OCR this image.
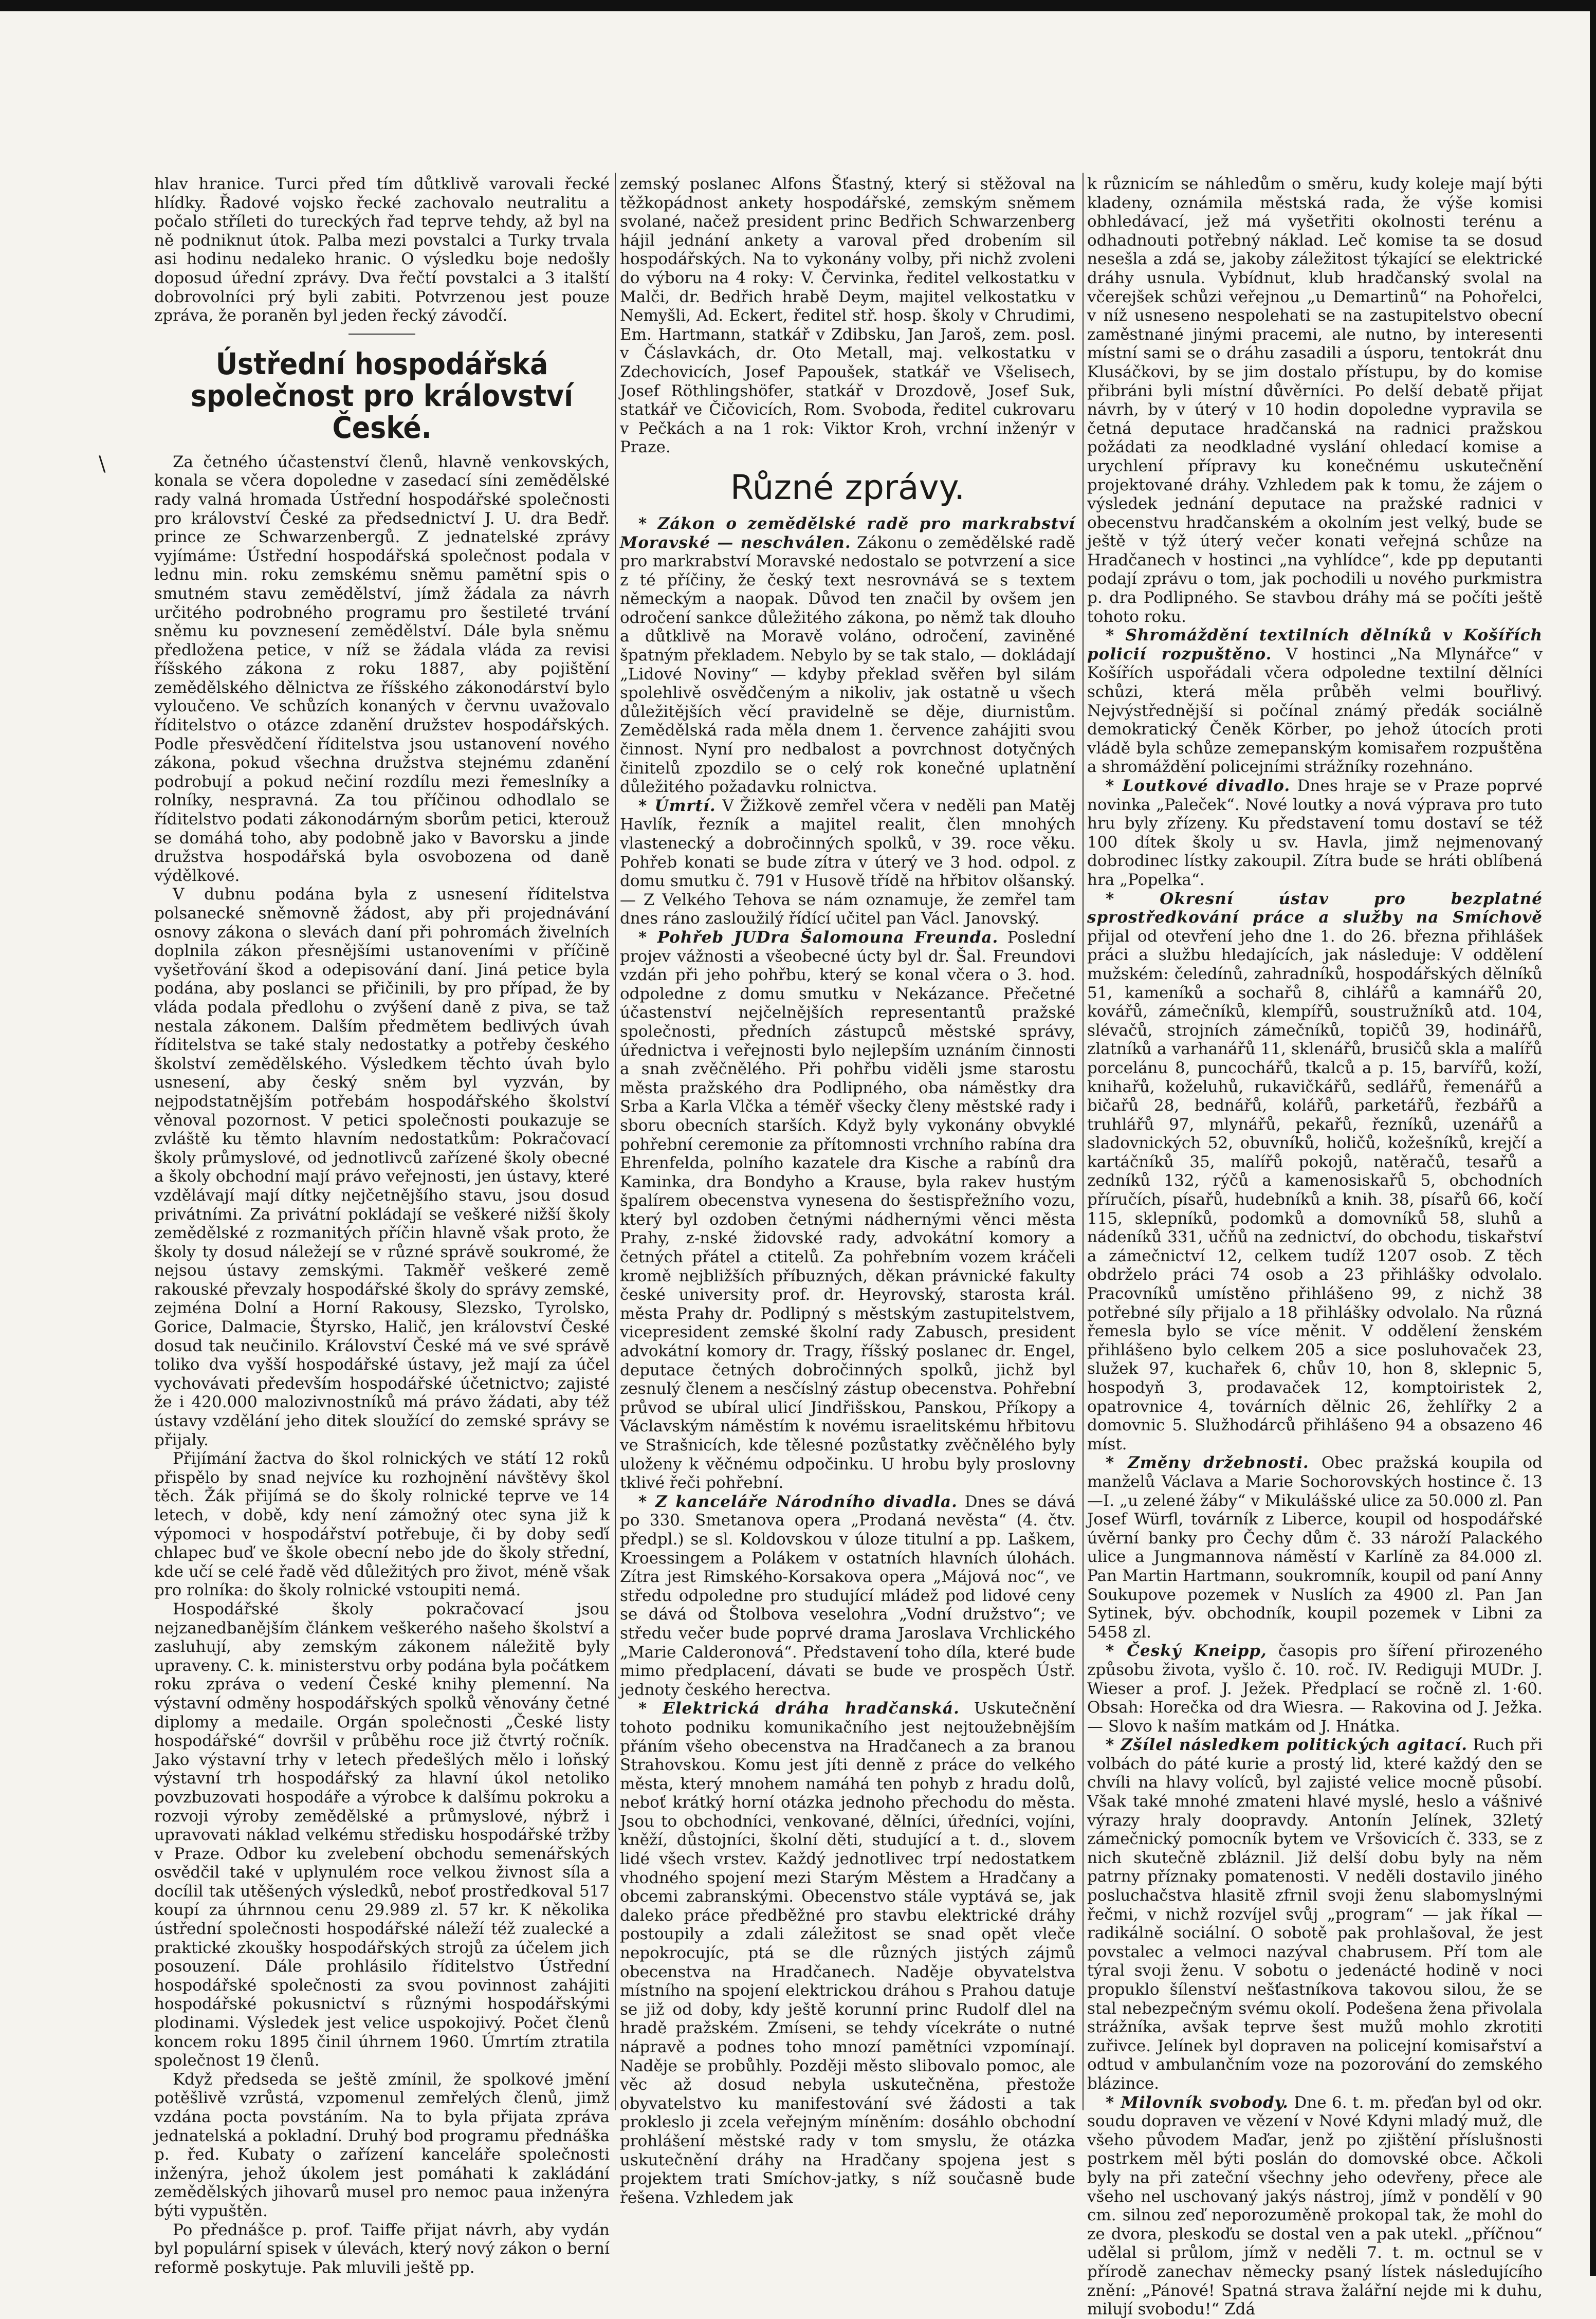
\

hlav hranice. Turci před tím důtklivě varovali řecké hlídky. Řadové vojsko řecké zachovalo neutralitu a počalo stříleti do tureckých řad teprve tehdy, až byl na ně podniknut útok. Palba mezi povstalci a Turky trvala asi hodinu nedaleko hranic. O výsledku boje nedošly doposud úřední zprávy. Dva řečtí povstalci a 3 italští dobrovolníci prý byli zabiti. Potvrzenou jest pouze zpráva, že poraněn byl jeden řecký závodčí.

Ústřední hospodářská společnost pro království České.

Za četného účastenství členů, hlavně venkovských, konala se včera dopoledne v zasedací síni zemědělské rady valná hromada Ústřední hospodářské společnosti pro království České za předsednictví J. U. dra Bedř. prince ze Schwarzenbergů. Z jednatelské zprávy vyjímáme: Ústřední hospodářská společnost podala v lednu min. roku zemskému sněmu pamětní spis o smutném stavu zemědělství, jímž žádala za návrh určitého podrobného programu pro šestileté trvání sněmu ku povznesení zemědělství. Dále byla sněmu předložena petice, v níž se žádala vláda za revisi říšského zákona z roku 1887, aby pojištění zemědělského dělnictva ze říšského zákonodárství bylo vyloučeno. Ve schůzích konaných v červnu uvažovalo říditelstvo o otázce zdanění družstev hospodářských. Podle přesvědčení říditelstva jsou ustanovení nového zákona, pokud všechna družstva stejnému zdanění podrobují a pokud nečiní rozdílu mezi řemeslníky a rolníky, nespravná. Za tou příčinou odhodlalo se říditelstvo podati zákonodárným sborům petici, kterouž se domáhá toho, aby podobně jako v Bavorsku a jinde družstva hospodářská byla osvobozena od daně výdělkové.

V dubnu podána byla z usnesení říditelstva polsanecké sněmovně žádost, aby při projednávání osnovy zákona o slevách daní při pohromách živelních doplnila zákon přesnějšími ustanoveními v příčině vyšetřování škod a odepisování daní. Jiná petice byla podána, aby poslanci se přičinili, by pro případ, že by vláda podala předlohu o zvýšení daně z piva, se taž nestala zákonem. Dalším předmětem bedlivých úvah říditelstva se také staly nedostatky a potřeby českého školství zemědělského. Výsledkem těchto úvah bylo usnesení, aby český sněm byl vyzván, by nejpodstatnějším potřebám hospodářského školství věnoval pozornost. V petici společnosti poukazuje se zvláště ku těmto hlavním nedostatkům: Pokračovací školy průmyslové, od jednotlivců zařízené školy obecné a školy obchodní mají právo veřejnosti, jen ústavy, které vzdělávají mají dítky nejčetnějšího stavu, jsou dosud privátními. Za privátní pokládají se veškeré nižší školy zemědělské z rozmanitých příčin hlavně však proto, že školy ty dosud náležejí se v různé správě soukromé, že nejsou ústavy zemskými. Takměř veškeré země rakouské převzaly hospodářské školy do správy zemské, zejména Dolní a Horní Rakousy, Slezsko, Tyrolsko, Gorice, Dalmacie, Štyrsko, Halič, jen království České dosud tak neučinilo. Království České má ve své správě toliko dva vyšší hospodářské ústavy, jež mají za účel vychovávati především hospodářské účetnictvo; zajisté že i 420.000 malozivnostníků má právo žádati, aby též ústavy vzdělání jeho ditek sloužící do zemské správy se přijaly.

Přijímání žactva do škol rolnických ve státí 12 roků přispělo by snad nejvíce ku rozhojnění návštěvy škol těch. Žák přijímá se do školy rolnické teprve ve 14 letech, v době, kdy není zámožný otec syna již k výpomoci v hospodářství potřebuje, či by doby seďí chlapec buď ve škole obecní nebo jde do školy střední, kde učí se celé řadě věd důležitých pro život, méně však pro rolníka: do školy rolnické vstoupiti nemá.

Hospodářské školy pokračovací jsou nejzanedbanějším článkem veškerého našeho školství a zasluhují, aby zemským zákonem náležitě byly upraveny. C. k. ministerstvu orby podána byla počátkem roku zpráva o vedení České knihy plemenní. Na výstavní odměny hospodářských spolků věnovány četné diplomy a medaile. Orgán společnosti „České listy hospodářské“ dovršil v průběhu roce již čtvrtý ročník. Jako výstavní trhy v letech předešlých mělo i loňský výstavní trh hospodářský za hlavní úkol netoliko povzbuzovati hospodáře a výrobce k dalšímu pokroku a rozvoji výroby zemědělské a průmyslové, nýbrž i upravovati náklad velkému středisku hospodářské tržby v Praze. Odbor ku zvelebení obchodu semenářských osvědčil také v uplynulém roce velkou živnost síla a docílil tak utěšených výsledků, neboť prostředkoval 517 koupí za úhrnnou cenu 29.989 zl. 57 kr. K několika ústřední společnosti hospodářské náleží též zualecké a praktické zkoušky hospodářských strojů za účelem jich posouzení. Dále prohlásilo říditelstvo Ústřední hospodářské společnosti za svou povinnost zahájiti hospodářské pokusnictví s různými hospodářskými plodinami. Výsledek jest velice uspokojivý. Počet členů koncem roku 1895 činil úhrnem 1960. Úmrtím ztratila společnost 19 členů.

Když předseda se ještě zmínil, že spolkové jmění potěšlivě vzrůstá, vzpomenul zemřelých členů, jimž vzdána pocta povstáním. Na to byla přijata zpráva jednatelská a pokladní. Druhý bod programu přednáška p. řed. Kubaty o zařízení kanceláře společnosti inženýra, jehož úkolem jest pomáhati k zakládání zemědělských jihovarů musel pro nemoc paua inženýra býti vypuštěn.

Po přednášce p. prof. Taiffe přijat návrh, aby vydán byl populární spisek v úlevách, který nový zákon o berní reformě poskytuje. Pak mluvili ještě pp.

zemský poslanec Alfons Šťastný, který si stěžoval na těžkopádnost ankety hospodářské, zemským sněmem svolané, načež president princ Bedřich Schwarzenberg hájil jednání ankety a varoval před drobením sil hospodářských. Na to vykonány volby, při nichž zvoleni do výboru na 4 roky: V. Červinka, ředitel velkostatku v Malči, dr. Bedřich hrabě Deym, majitel velkostatku v Nemyšli, Ad. Eckert, ředitel stř. hosp. školy v Chrudimi, Em. Hartmann, statkář v Zdibsku, Jan Jaroš, zem. posl. v Čáslavkách, dr. Oto Metall, maj. velkostatku v Zdechovicích, Josef Papoušek, statkář ve Všelisech, Josef Röthlingshöfer, statkář v Drozdově, Josef Suk, statkář ve Čičovicích, Rom. Svoboda, ředitel cukrovaru v Pečkách a na 1 rok: Viktor Kroh, vrchní inženýr v Praze.

Různé zprávy.

* Zákon o zemědělské radě pro markrabství Moravské — neschválen. Zákonu o zemědělské radě pro markrabství Moravské nedostalo se potvrzení a sice z té příčiny, že český text nesrovnává se s textem německým a naopak. Důvod ten značil by ovšem jen odročení sankce důležitého zákona, po němž tak dlouho a důtklivě na Moravě voláno, odročení, zaviněné špatným překladem. Nebylo by se tak stalo, — dokládají „Lidové Noviny“ — kdyby překlad svěřen byl silám spolehlivě osvědčeným a nikoliv, jak ostatně u všech důležitějších věcí pravidelně se děje, diurnistům. Zemědělská rada měla dnem 1. července zahájiti svou činnost. Nyní pro nedbalost a povrchnost dotyčných činitelů zpozdilo se o celý rok konečné uplatnění důležitého požadavku rolnictva.

* Úmrtí. V Žižkově zemřel včera v neděli pan Matěj Havlík, řezník a majitel realit, člen mnohých vlastenecký a dobročinných spolků, v 39. roce věku. Pohřeb konati se bude zítra v úterý ve 3 hod. odpol. z domu smutku č. 791 v Husově třídě na hřbitov olšanský. — Z Velkého Tehova se nám oznamuje, že zemřel tam dnes ráno zasloužilý řídící učitel pan Václ. Janovský.

* Pohřeb JUDra Šalomouna Freunda. Poslední projev vážnosti a všeobecné úcty byl dr. Šal. Freundovi vzdán při jeho pohřbu, který se konal včera o 3. hod. odpoledne z domu smutku v Nekázance. Přečetné účastenství nejčelnějších representantů pražské společnosti, předních zástupců městské správy, úřednictva i veřejnosti bylo nejlepším uznáním činnosti a snah zvěčnělého. Při pohřbu viděli jsme starostu města pražského dra Podlipného, oba náměstky dra Srba a Karla Vlčka a téměř všecky členy městské rady i sboru obecních starších. Když byly vykonány obvyklé pohřební ceremonie za přítomnosti vrchního rabína dra Ehrenfelda, polního kazatele dra Kische a rabínů dra Kaminka, dra Bondyho a Krause, byla rakev hustým špalírem obecenstva vynesena do šestispřežního vozu, který byl ozdoben četnými nádhernými věnci města Prahy, z-nské židovské rady, advokátní komory a četných přátel a ctitelů. Za pohřebním vozem kráčeli kromě nejbližších příbuzných, děkan právnické fakulty české university prof. dr. Heyrovský, starosta král. města Prahy dr. Podlipný s městským zastupitelstvem, vicepresident zemské školní rady Zabusch, president advokátní komory dr. Tragy, říšský poslanec dr. Engel, deputace četných dobročinných spolků, jichž byl zesnulý členem a nesčíslný zástup obecenstva. Pohřební průvod se ubíral ulicí Jindřišskou, Panskou, Příkopy a Václavským náměstím k novému israelitskému hřbitovu ve Strašnicích, kde tělesné pozůstatky zvěčnělého byly uloženy k věčnému odpočinku. U hrobu byly proslovny tklivé řeči pohřební.

* Z kanceláře Národního divadla. Dnes se dává po 330. Smetanova opera „Prodaná nevěsta“ (4. čtv. předpl.) se sl. Koldovskou v úloze titulní a pp. Laškem, Kroessingem a Polákem v ostatních hlavních úlohách. Zítra jest Rimského-Korsakova opera „Májová noc“, ve středu odpoledne pro studující mládež pod lidové ceny se dává od Štolbova veselohra „Vodní družstvo“; ve středu večer bude poprvé drama Jaroslava Vrchlického „Marie Calderonová“. Představení toho díla, které bude mimo předplacení, dávati se bude ve prospěch Ústř. jednoty českého herectva.

* Elektrická dráha hradčanská. Uskutečnění tohoto podniku komunikačního jest nejtoužebnějším přáním všeho obecenstva na Hradčanech a za branou Strahovskou. Komu jest jíti denně z práce do velkého města, který mnohem namáhá ten pohyb z hradu dolů, neboť krátký horní otázka jednoho přechodu do města. Jsou to obchodníci, venkované, dělníci, úředníci, vojíni, kněží, důstojníci, školní děti, studující a t. d., slovem lidé všech vrstev. Každý jednotlivec trpí nedostatkem vhodného spojení mezi Starým Městem a Hradčany a obcemi zabranskými. Obecenstvo stále vyptává se, jak daleko práce předběžné pro stavbu elektrické dráhy postoupily a zdali záležitost se snad opět vleče nepokrocujíc, ptá se dle různých jistých zájmů obecenstva na Hradčanech. Naděje obyvatelstva místního na spojení elektrickou dráhou s Prahou datuje se již od doby, kdy ještě korunní princ Rudolf dlel na hradě pražském. Zmíseni, se tehdy vícekráte o nutné nápravě a podnes toho mnozí pamětníci vzpomínají. Naděje se probůhly. Později město slibovalo pomoc, ale věc až dosud nebyla uskutečněna, přestože obyvatelstvo ku manifestování své žádosti a tak prokleslo ji zcela veřejným míněním: dosáhlo obchodní prohlášení městské rady v tom smyslu, že otázka uskutečnění dráhy na Hradčany spojena jest s projektem trati Smíchov-jatky, s níž současně bude řešena. Vzhledem jak

k různicím se náhledům o směru, kudy koleje mají býti kladeny, oznámila městská rada, že výše komisi obhledávací, jež má vyšetřiti okolnosti terénu a odhadnouti potřebný náklad. Leč komise ta se dosud nesešla a zdá se, jakoby záležitost týkající se elektrické dráhy usnula. Vybídnut, klub hradčanský svolal na včerejšek schůzi veřejnou „u Demartinů“ na Pohořelci, v níž usneseno nespolehati se na zastupitelstvo obecní zaměstnané jinými pracemi, ale nutno, by interesenti místní sami se o dráhu zasadili a úsporu, tentokrát dnu Klusáčkovi, by se jim dostalo přístupu, by do komise přibráni byli místní důvěrníci. Po delší debatě přijat návrh, by v úterý v 10 hodin dopoledne vypravila se četná deputace hradčanská na radnici pražskou požádati za neodkladné vyslání ohledací komise a urychlení přípravy ku konečnému uskutečnění projektované dráhy. Vzhledem pak k tomu, že zájem o výsledek jednání deputace na pražské radnici v obecenstvu hradčanském a okolním jest velký, bude se ještě v týž úterý večer konati veřejná schůze na Hradčanech v hostinci „na vyhlídce“, kde pp deputanti podají zprávu o tom, jak pochodili u nového purkmistra p. dra Podlipného. Se stavbou dráhy má se počíti ještě tohoto roku.

* Shromáždění textilních dělníků v Košířích policií rozpuštěno. V hostinci „Na Mlynářce“ v Košířích uspořádali včera odpoledne textilní dělníci schůzi, která měla průběh velmi bouřlivý. Nejvýstřednější si počínal známý předák sociálně demokratický Čeněk Körber, po jehož útocích proti vládě byla schůze zemepanským komisařem rozpuštěna a shromáždění policejními strážníky rozehnáno.

* Loutkové divadlo. Dnes hraje se v Praze poprvé novinka „Paleček“. Nové loutky a nová výprava pro tuto hru byly zřízeny. Ku představení tomu dostaví se též 100 dítek školy u sv. Havla, jimž nejmenovaný dobrodinec lístky zakoupil. Zítra bude se hráti oblíbená hra „Popelka“.

* Okresní ústav pro bezplatné sprostředkování práce a služby na Smíchově přijal od otevření jeho dne 1. do 26. března přihlášek práci a službu hledajících, jak následuje: V oddělení mužském: čeledínů, zahradníků, hospodářských dělníků 51, kameníků a sochařů 8, cihlářů a kamnářů 20, kovářů, zámečníků, klempířů, soustružníků atd. 104, slévačů, strojních zámečníků, topičů 39, hodinářů, zlatníků a varhanářů 11, sklenářů, brusičů skla a malířů porcelánu 8, puncochářů, tkalců a p. 15, barvířů, koží, knihařů, koželuhů, rukavičkářů, sedlářů, řemenářů a bičařů 28, bednářů, kolářů, parketářů, řezbářů a truhlářů 97, mlynářů, pekařů, řezníků, uzenářů a sladovnických 52, obuvníků, holičů, kožešníků, krejčí a kartáčníků 35, malířů pokojů, natěračů, tesařů a zedníků 132, rýčů a kamenosiskařů 5, obchodních příručích, písařů, hudebníků a knih. 38, písařů 66, kočí 115, sklepníků, podomků a domovníků 58, sluhů a nádeníků 331, učňů na zednictví, do obchodu, tiskařství a zámečnictví 12, celkem tudíž 1207 osob. Z těch obdrželo práci 74 osob a 23 přihlášky odvolalo. Pracovníků umístěno přihlášeno 99, z nichž 38 potřebné síly přijalo a 18 přihlášky odvolalo. Na různá řemesla bylo se více měnit. V oddělení ženském přihlášeno bylo celkem 205 a sice posluhovaček 23, služek 97, kuchařek 6, chův 10, hon 8, sklepnic 5, hospodyň 3, prodavaček 12, komptoiristek 2, opatrovnice 4, továrních dělnic 26, žehlířky 2 a domovnic 5. Služhodárců přihlášeno 94 a obsazeno 46 míst.

* Změny držebnosti. Obec pražská koupila od manželů Václava a Marie Sochorovských hostince č. 13—I. „u zelené žáby“ v Mikulášské ulice za 50.000 zl. Pan Josef Würfl, továrník z Liberce, koupil od hospodářské úvěrní banky pro Čechy dům č. 33 nároží Palackého ulice a Jungmannova náměstí v Karlíně za 84.000 zl. Pan Martin Hartmann, soukromník, koupil od paní Anny Soukupove pozemek v Nuslích za 4900 zl. Pan Jan Sytinek, býv. obchodník, koupil pozemek v Libni za 5458 zl.

* Český Kneipp, časopis pro šíření přirozeného způsobu života, vyšlo č. 10. roč. IV. Rediguji MUDr. J. Wieser a prof. J. Ježek. Předplací se ročně zl. 1·60. Obsah: Horečka od dra Wiesra. — Rakovina od J. Ježka. — Slovo k naším matkám od J. Hnátka.

* Zšílel následkem politických agitací. Ruch při volbách do páté kurie a prostý lid, které každý den se chvíli na hlavy volíců, byl zajisté velice mocně působí. Však také mnohé zmateni hlavé myslé, heslo a vášnivé výrazy hraly doopravdy. Antonín Jelínek, 32letý zámečnický pomocník bytem ve Vršovicích č. 333, se z nich skutečně zbláznil. Již delší dobu byly na něm patrny příznaky pomatenosti. V neděli dostavilo jiného posluchačstva hlasitě zfrnil svoji ženu slabomyslnými řečmi, v nichž rozvíjel svůj „program“ — jak říkal — radikálně sociální. O sobotě pak prohlašoval, že jest povstalec a velmoci nazýval chabrusem. Pří tom ale týral svoji ženu. V sobotu o jedenácté hodině v noci propuklo šílenství nešťastníkova takovou silou, že se stal nebezpečným svému okolí. Podešena žena přivolala strážníka, avšak teprve šest mužů mohlo zkrotiti zuřivce. Jelínek byl dopraven na policejní komisařství a odtud v ambulančním voze na pozorování do zemského blázince.

* Milovník svobody. Dne 6. t. m. přeďan byl od okr. soudu dopraven ve vězení v Nové Kdyni mladý muž, dle všeho původem Maďar, jenž po zjištění příslušnosti postrkem měl býti poslán do domovské obce. Ačkoli byly na při zateční všechny jeho odevřeny, přece ale všeho nel uschovaný jakýs nástroj, jímž v pondělí v 90 cm. silnou zeď neporozuměně prokopal tak, že mohl do ze dvora, pleskoďu se dostal ven a pak utekl. „příčnou“ udělal si průlom, jímž v neděli 7. t. m. octnul se v přírodě zanechav německy psaný lístek následujícího znění: „Pánové! Spatná strava žalářní nejde mi k duhu, milují svobodu!“ Zdá
